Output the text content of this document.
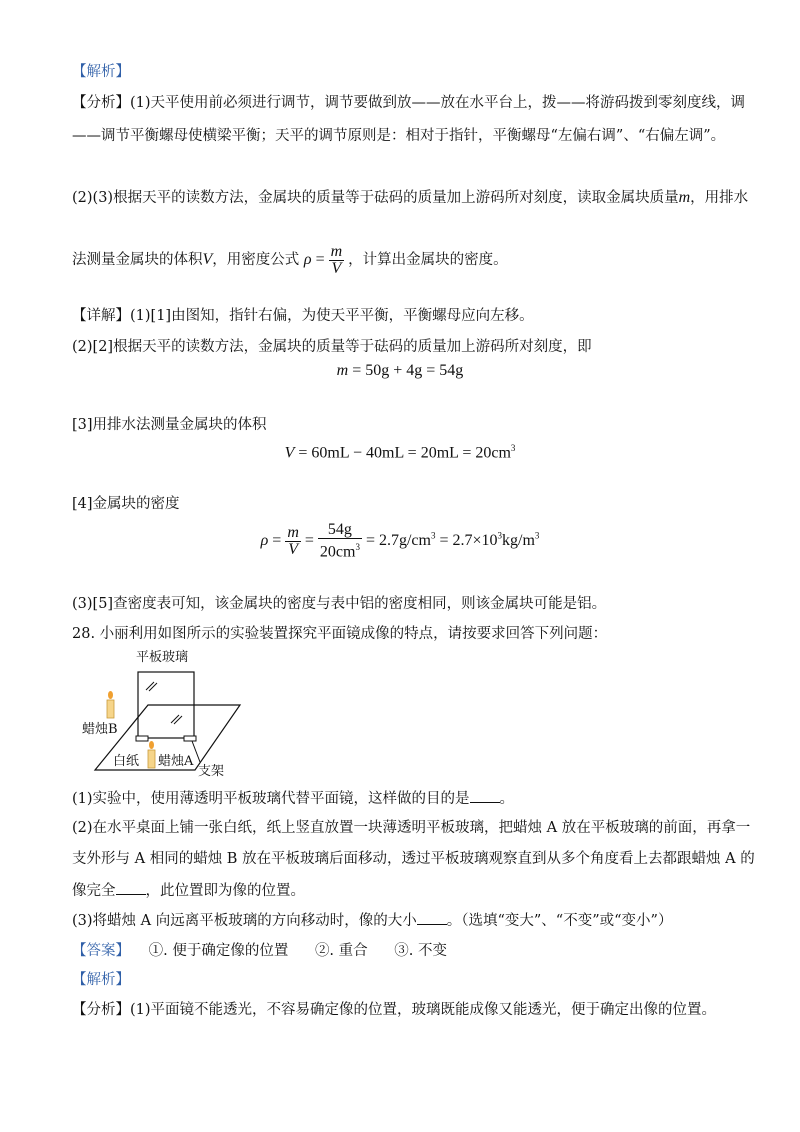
【解析】
【分析】(1)天平使用前必须进行调节，调节要做到放——放在水平台上，拨——将游码拨到零刻度线，调
——调节平衡螺母使横梁平衡；天平的调节原则是：相对于指针，平衡螺母“左偏右调”、“右偏左调”。
(2)(3)根据天平的读数方法，金属块的质量等于砝码的质量加上游码所对刻度，读取金属块质量m，用排水
法测量金属块的体积V，用密度公式 $\rho = \frac{m}{V}$ ，计算出金属块的密度。
【详解】(1)[1]由图知，指针右偏，为使天平平衡，平衡螺母应向左移。
(2)[2]根据天平的读数方法，金属块的质量等于砝码的质量加上游码所对刻度，即
m = 50g + 4g = 54g
[3]用排水法测量金属块的体积
$V = 60mL - 40mL = 20mL = 20cm^3$
[4]金属块的密度
$\rho = \frac{m}{V} = \frac{54g}{20cm^3} = 2.7g/cm^3 = 2.7\times 10^3kg/m^3$
(3)[5]查密度表可知，该金属块的密度与表中铝的密度相同，则该金属块可能是铝。
28. 小丽利用如图所示的实验装置探究平面镜成像的特点，请按要求回答下列问题：
平板玻璃
蜡烛B
白纸 蜡烛A
支架
(1)实验中，使用薄透明平板玻璃代替平面镜，这样做的目的是 。
(2)在水平桌面上铺一张白纸，纸上竖直放置一块薄透明平板玻璃，把蜡烛 A 放在平板玻璃的前面，再拿一
支外形与 A 相同的蜡烛 B 放在平板玻璃后面移动，透过平板玻璃观察直到从多个角度看上去都跟蜡烛 A 的
像完全 ，此位置即为像的位置。
(3)将蜡烛 A 向远离平板玻璃的方向移动时，像的大小 。（选填“变大”、“不变”或“变小”）
【答案】 ①. 便于确定像的位置 ②. 重合 ③. 不变
【解析】
【分析】(1)平面镜不能透光，不容易确定像的位置，玻璃既能成像又能透光，便于确定出像的位置。
